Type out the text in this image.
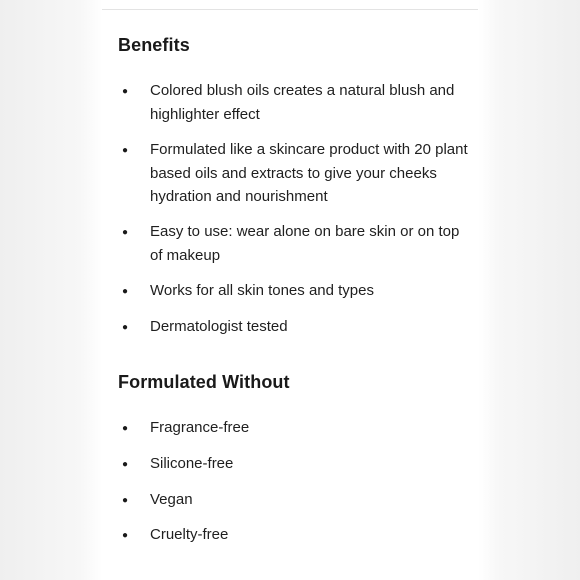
Benefits
●
Colored blush oils creates a natural blush and highlighter effect
●
Formulated like a skincare product with 20 plant based oils and extracts to give your cheeks hydration and nourishment
●
Easy to use: wear alone on bare skin or on top of makeup
●
Works for all skin tones and types
●
Dermatologist tested
Formulated Without
●
Fragrance-free
●
Silicone-free
●
Vegan
●
Cruelty-free
